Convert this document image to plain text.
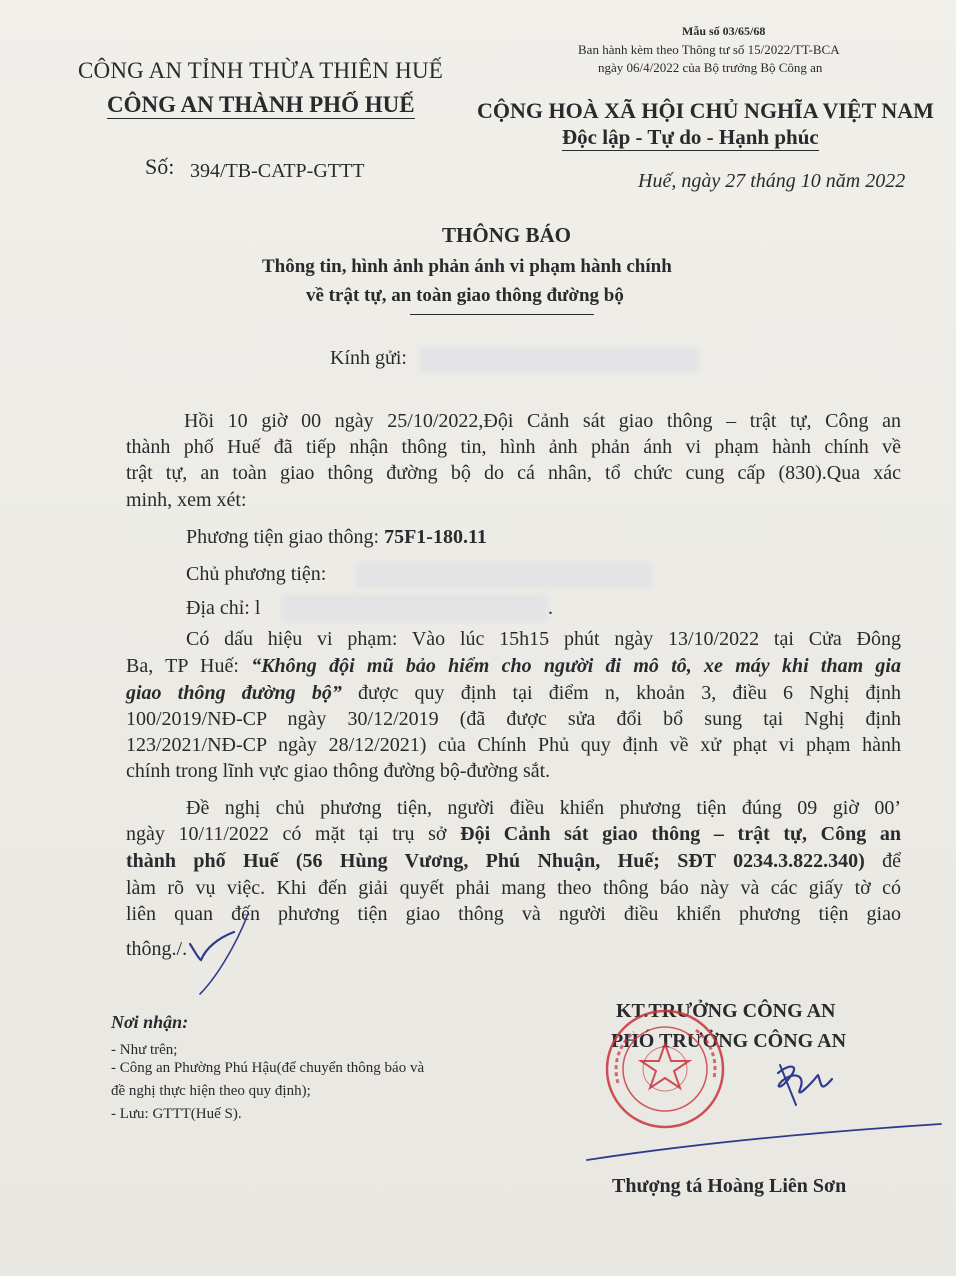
Mẫu số 03/65/68
Ban hành kèm theo Thông tư số 15/2022/TT-BCA
ngày 06/4/2022 của Bộ trưởng Bộ Công an
CÔNG AN TỈNH THỪA THIÊN HUẾ
CÔNG AN THÀNH PHỐ HUẾ
Số: 394/TB-CATP-GTTT
CỘNG HOÀ XÃ HỘI CHỦ NGHĨA VIỆT NAM
Độc lập - Tự do - Hạnh phúc
Huế, ngày 27 tháng 10 năm 2022
THÔNG BÁO
Thông tin, hình ảnh phản ánh vi phạm hành chính
về trật tự, an toàn giao thông đường bộ
Kính gửi:
Hồi 10 giờ 00 ngày 25/10/2022,Đội Cảnh sát giao thông – trật tự, Công an
thành phố Huế đã tiếp nhận thông tin, hình ảnh phản ánh vi phạm hành chính về
trật tự, an toàn giao thông đường bộ do cá nhân, tổ chức cung cấp (830).Qua xác
minh, xem xét:
Phương tiện giao thông: 75F1-180.11
Chủ phương tiện:
Địa chỉ: l	.
Có dấu hiệu vi phạm: Vào lúc 15h15 phút ngày 13/10/2022 tại Cửa Đông
Ba, TP Huế: “Không đội mũ bảo hiểm cho người đi mô tô, xe máy khi tham gia
giao thông đường bộ” được quy định tại điểm n, khoản 3, điều 6 Nghị định
100/2019/NĐ-CP ngày 30/12/2019 (đã được sửa đổi bổ sung tại Nghị định
123/2021/NĐ-CP ngày 28/12/2021) của Chính Phủ quy định về xử phạt vi phạm hành
chính trong lĩnh vực giao thông đường bộ-đường sắt.
Đề nghị chủ phương tiện, người điều khiển phương tiện đúng 09 giờ 00’
ngày 10/11/2022 có mặt tại trụ sở Đội Cảnh sát giao thông – trật tự, Công an
thành phố Huế (56 Hùng Vương, Phú Nhuận, Huế; SĐT 0234.3.822.340) để
làm rõ vụ việc. Khi đến giải quyết phải mang theo thông báo này và các giấy tờ có
liên quan đến phương tiện giao thông và người điều khiển phương tiện giao
thông./.
Nơi nhận:
- Như trên;
- Công an Phường Phú Hậu(để chuyển thông báo và
đề nghị thực hiện theo quy định);
- Lưu: GTTT(Huế S).
KT.TRƯỞNG CÔNG AN
PHÓ TRƯỞNG CÔNG AN
Thượng tá Hoàng Liên Sơn
